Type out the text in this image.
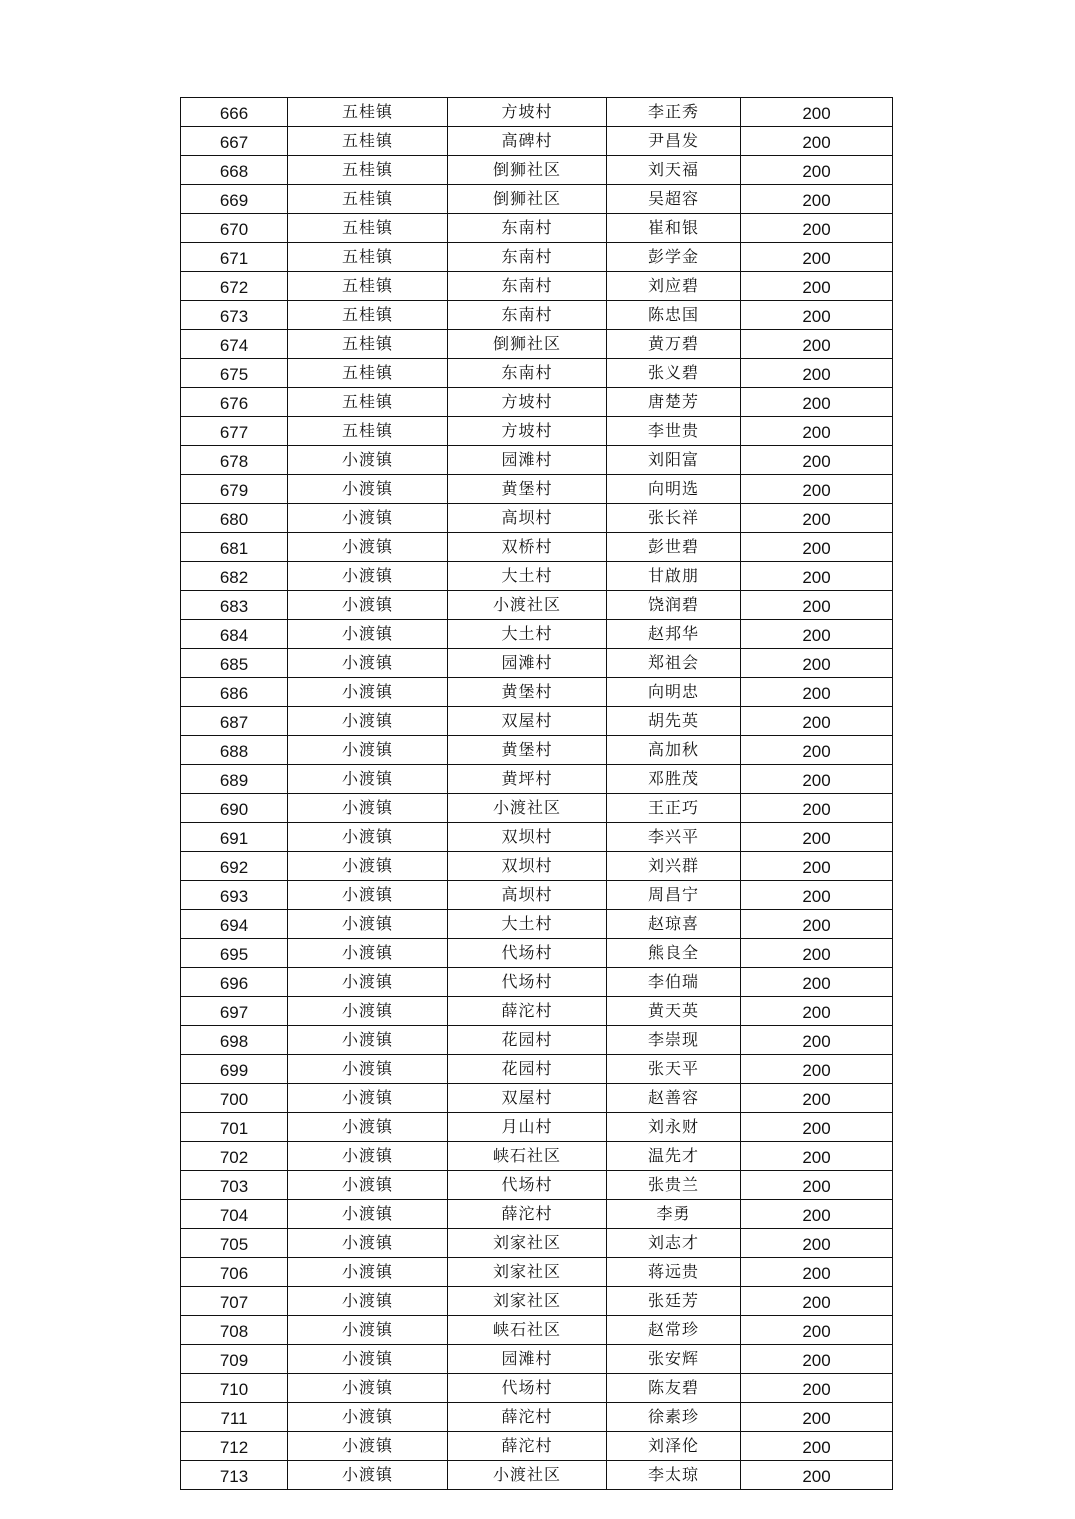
666	五桂镇	方坡村	李正秀	200
667	五桂镇	高碑村	尹昌发	200
668	五桂镇	倒狮社区	刘天福	200
669	五桂镇	倒狮社区	吴超容	200
670	五桂镇	东南村	崔和银	200
671	五桂镇	东南村	彭学金	200
672	五桂镇	东南村	刘应碧	200
673	五桂镇	东南村	陈忠国	200
674	五桂镇	倒狮社区	黄万碧	200
675	五桂镇	东南村	张义碧	200
676	五桂镇	方坡村	唐楚芳	200
677	五桂镇	方坡村	李世贵	200
678	小渡镇	园滩村	刘阳富	200
679	小渡镇	黄堡村	向明选	200
680	小渡镇	高坝村	张长祥	200
681	小渡镇	双桥村	彭世碧	200
682	小渡镇	大土村	甘啟朋	200
683	小渡镇	小渡社区	饶润碧	200
684	小渡镇	大土村	赵邦华	200
685	小渡镇	园滩村	郑祖会	200
686	小渡镇	黄堡村	向明忠	200
687	小渡镇	双屋村	胡先英	200
688	小渡镇	黄堡村	高加秋	200
689	小渡镇	黄坪村	邓胜茂	200
690	小渡镇	小渡社区	王正巧	200
691	小渡镇	双坝村	李兴平	200
692	小渡镇	双坝村	刘兴群	200
693	小渡镇	高坝村	周昌宁	200
694	小渡镇	大土村	赵琼喜	200
695	小渡镇	代场村	熊良全	200
696	小渡镇	代场村	李伯瑞	200
697	小渡镇	薛沱村	黄天英	200
698	小渡镇	花园村	李崇现	200
699	小渡镇	花园村	张天平	200
700	小渡镇	双屋村	赵善容	200
701	小渡镇	月山村	刘永财	200
702	小渡镇	峡石社区	温先才	200
703	小渡镇	代场村	张贵兰	200
704	小渡镇	薛沱村	李勇	200
705	小渡镇	刘家社区	刘志才	200
706	小渡镇	刘家社区	蒋远贵	200
707	小渡镇	刘家社区	张廷芳	200
708	小渡镇	峡石社区	赵常珍	200
709	小渡镇	园滩村	张安辉	200
710	小渡镇	代场村	陈友碧	200
711	小渡镇	薛沱村	徐素珍	200
712	小渡镇	薛沱村	刘泽伦	200
713	小渡镇	小渡社区	李太琼	200
